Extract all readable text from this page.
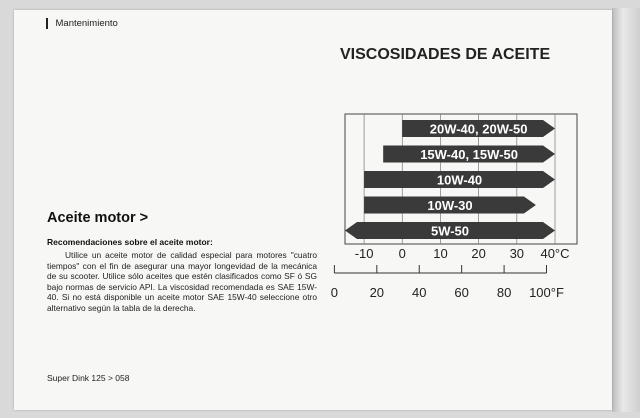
Mantenimiento
VISCOSIDADES DE ACEITE
Aceite motor >
Recomendaciones sobre el aceite motor:

Utilice un aceite motor de calidad especial para motores "cuatro tiempos" con el fin de asegurar una mayor longevidad de la mecánica de su scooter. Utilice sólo aceites que estén clasificados como SF ó SG bajo normas de servicio API. La viscosidad recomendada es SAE 15W-40. Si no está disponible un aceite motor SAE 15W-40 seleccione otro alternativo según la tabla de la derecha.

Super Dink 125 > 058
20W-40, 20W-50
15W-40, 15W-50
10W-40
10W-30
5W-50
-10 0 10 20 30 40°C
0 20 40 60 80 100°F
